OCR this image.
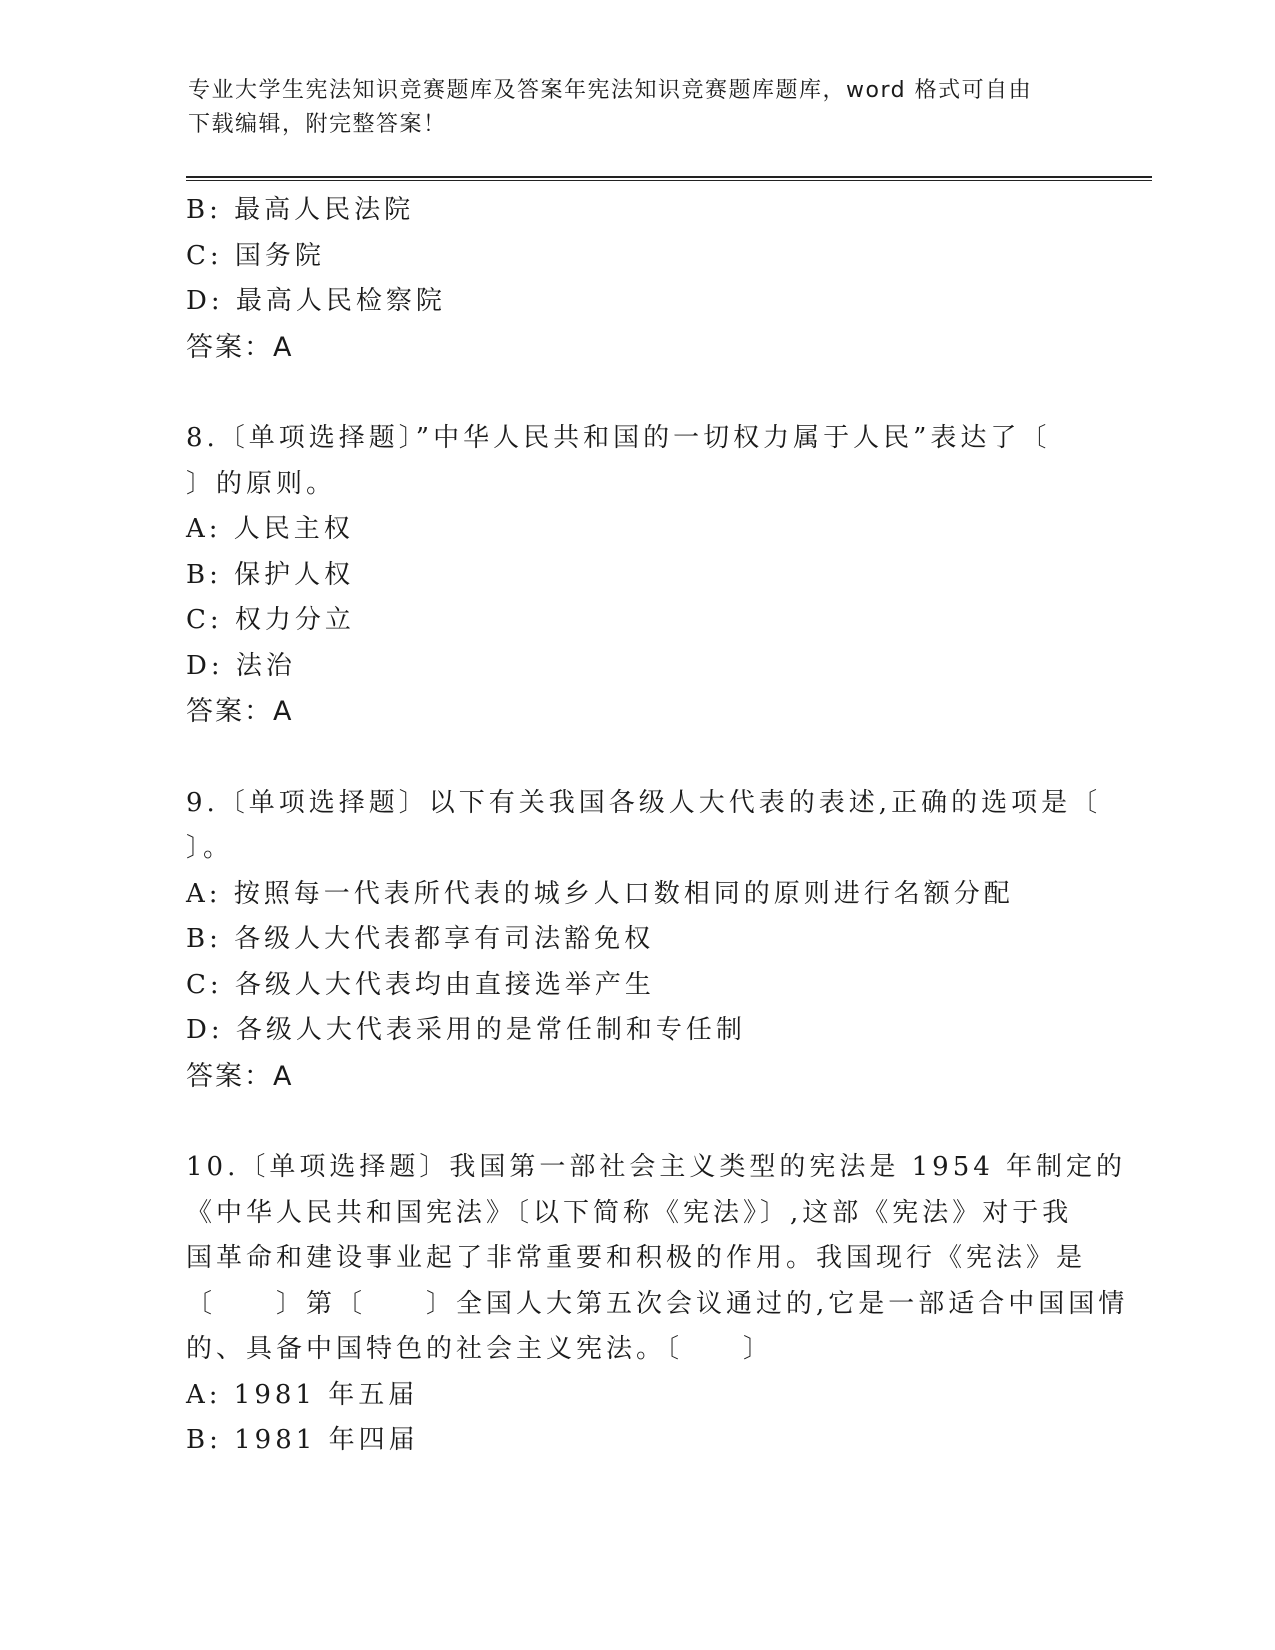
专业大学生宪法知识竞赛题库及答案年宪法知识竞赛题库题库，word 格式可自由
下载编辑，附完整答案！
B: 最高人民法院
C: 国务院
D: 最高人民检察院
答案：A
8.〔单项选择题〕”中华人民共和国的一切权力属于人民”表达了〔
〕的原则。
A: 人民主权
B: 保护人权
C: 权力分立
D: 法治
答案：A
9.〔单项选择题〕以下有关我国各级人大代表的表述,正确的选项是〔
〕。
A: 按照每一代表所代表的城乡人口数相同的原则进行名额分配
B: 各级人大代表都享有司法豁免权
C: 各级人大代表均由直接选举产生
D: 各级人大代表采用的是常任制和专任制
答案：A
10.〔单项选择题〕我国第一部社会主义类型的宪法是 1954 年制定的
《中华人民共和国宪法》〔以下简称《宪法》〕,这部《宪法》对于我
国革命和建设事业起了非常重要和积极的作用。我国现行《宪法》是
〔　　〕第〔　　〕全国人大第五次会议通过的,它是一部适合中国国情
的、具备中国特色的社会主义宪法。〔　　〕
A: 1981 年五届
B: 1981 年四届
